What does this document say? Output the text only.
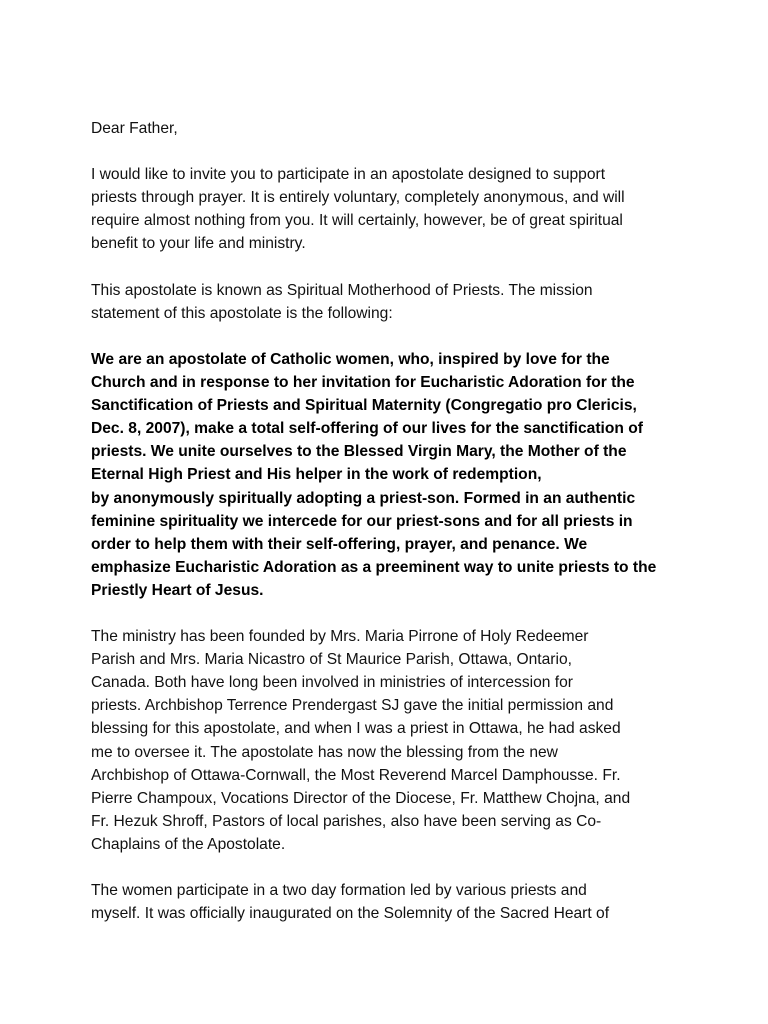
Dear Father,
I would like to invite you to participate in an apostolate designed to support
priests through prayer. It is entirely voluntary, completely anonymous, and will
require almost nothing from you. It will certainly, however, be of great spiritual
benefit to your life and ministry.
This apostolate is known as Spiritual Motherhood of Priests. The mission
statement of this apostolate is the following:
We are an apostolate of Catholic women, who, inspired by love for the
Church and in response to her invitation for Eucharistic Adoration for the
Sanctification of Priests and Spiritual Maternity (Congregatio pro Clericis,
Dec. 8, 2007), make a total self-offering of our lives for the sanctification of
priests. We unite ourselves to the Blessed Virgin Mary, the Mother of the
Eternal High Priest and His helper in the work of redemption,
by anonymously spiritually adopting a priest-son. Formed in an authentic
feminine spirituality we intercede for our priest-sons and for all priests in
order to help them with their self-offering, prayer, and penance. We
emphasize Eucharistic Adoration as a preeminent way to unite priests to the
Priestly Heart of Jesus.
The ministry has been founded by Mrs. Maria Pirrone of Holy Redeemer
Parish and Mrs. Maria Nicastro of St Maurice Parish, Ottawa, Ontario,
Canada. Both have long been involved in ministries of intercession for
priests. Archbishop Terrence Prendergast SJ gave the initial permission and
blessing for this apostolate, and when I was a priest in Ottawa, he had asked
me to oversee it. The apostolate has now the blessing from the new
Archbishop of Ottawa-Cornwall, the Most Reverend Marcel Damphousse. Fr.
Pierre Champoux, Vocations Director of the Diocese, Fr. Matthew Chojna, and
Fr. Hezuk Shroff, Pastors of local parishes, also have been serving as Co-
Chaplains of the Apostolate.
The women participate in a two day formation led by various priests and
myself. It was officially inaugurated on the Solemnity of the Sacred Heart of
